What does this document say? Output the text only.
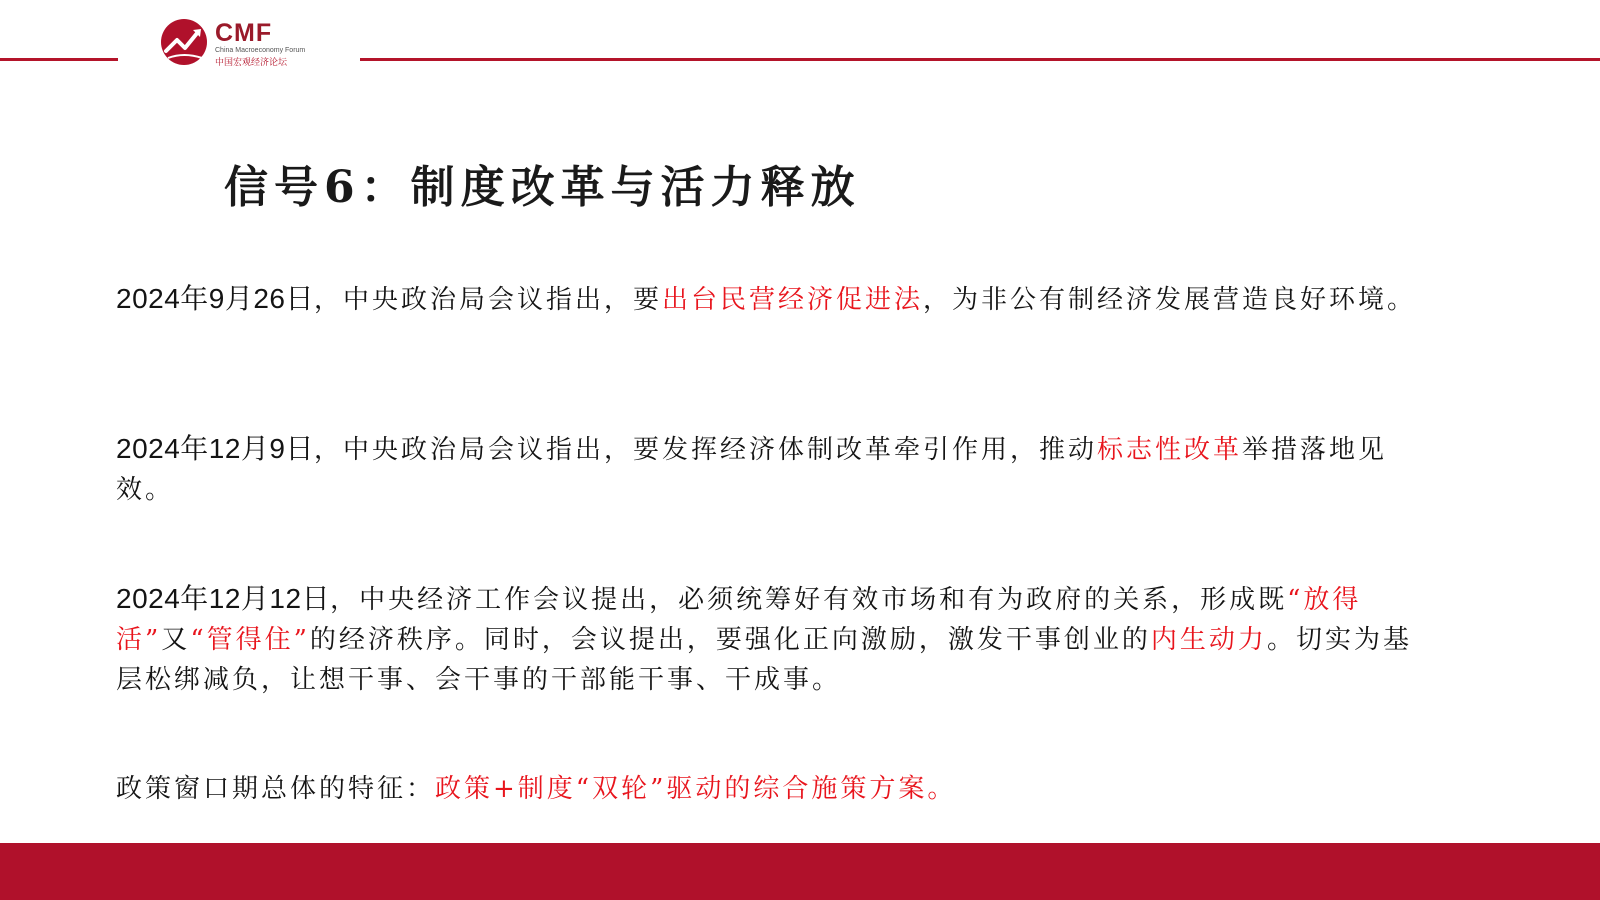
CMF
China Macroeconomy Forum
中国宏观经济论坛
信号6：制度改革与活力释放

2024年9月26日，中央政治局会议指出，要出台民营经济促进法，为非公有制经济发展营造良好环境。

2024年12月9日，中央政治局会议指出，要发挥经济体制改革牵引作用，推动标志性改革举措落地见效。

2024年12月12日，中央经济工作会议提出，必须统筹好有效市场和有为政府的关系，形成既“放得活”又“管得住”的经济秩序。同时，会议提出，要强化正向激励，激发干事创业的内生动力。切实为基层松绑减负，让想干事、会干事的干部能干事、干成事。

政策窗口期总体的特征：政策+制度“双轮”驱动的综合施策方案。
